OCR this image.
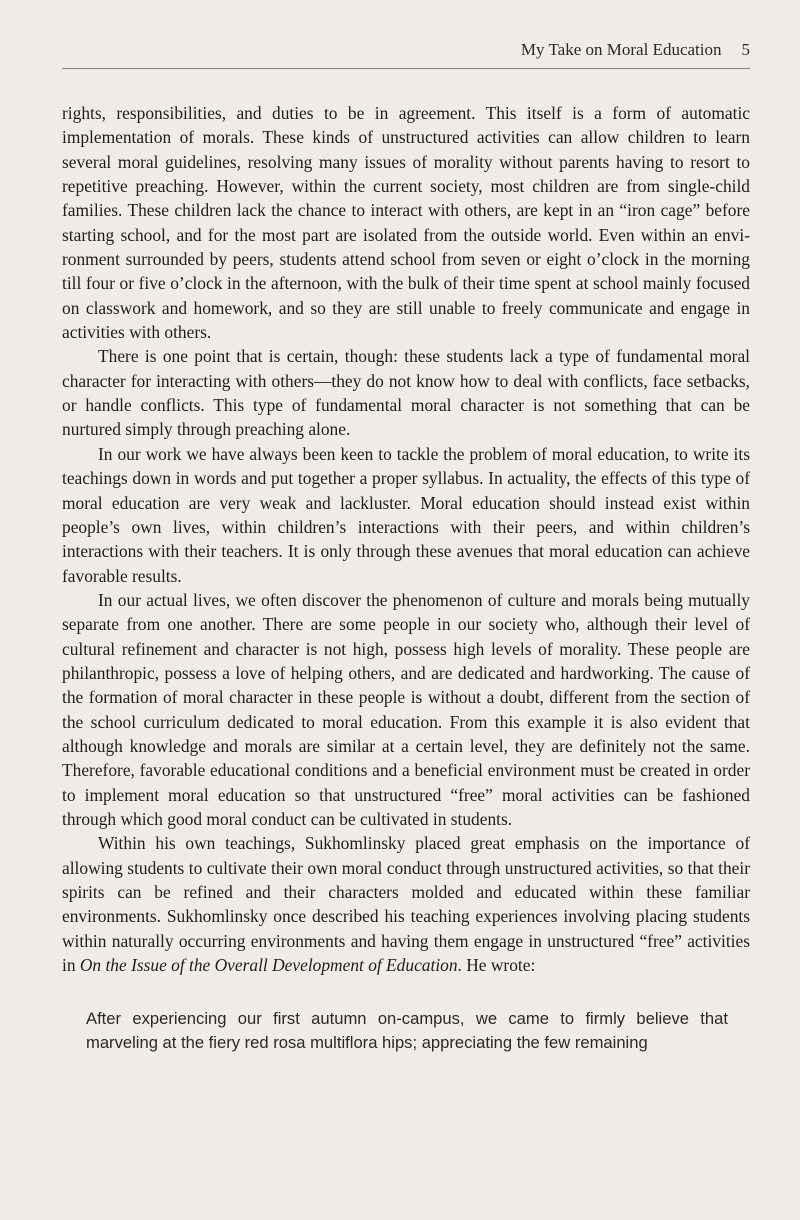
My Take on Moral Education 5

rights, responsibilities, and duties to be in agreement. This itself is a form of automatic implementation of morals. These kinds of unstructured activities can allow children to learn several moral guidelines, resolving many issues of morality without parents having to resort to repetitive preaching. However, within the current society, most children are from single-child families. These children lack the chance to interact with others, are kept in an “iron cage” before starting school, and for the most part are isolated from the outside world. Even within an environment surrounded by peers, students attend school from seven or eight o’clock in the morning till four or five o’clock in the afternoon, with the bulk of their time spent at school mainly focused on classwork and homework, and so they are still unable to freely communicate and engage in activities with others.

There is one point that is certain, though: these students lack a type of fundamental moral character for interacting with others—they do not know how to deal with conflicts, face setbacks, or handle conflicts. This type of fundamental moral character is not something that can be nurtured simply through preaching alone.

In our work we have always been keen to tackle the problem of moral education, to write its teachings down in words and put together a proper syllabus. In actuality, the effects of this type of moral education are very weak and lackluster. Moral education should instead exist within people’s own lives, within children’s interactions with their peers, and within children’s interactions with their teachers. It is only through these avenues that moral education can achieve favorable results.

In our actual lives, we often discover the phenomenon of culture and morals being mutually separate from one another. There are some people in our society who, although their level of cultural refinement and character is not high, possess high levels of morality. These people are philanthropic, possess a love of helping others, and are dedicated and hardworking. The cause of the formation of moral character in these people is without a doubt, different from the section of the school curriculum dedicated to moral education. From this example it is also evident that although knowledge and morals are similar at a certain level, they are definitely not the same. Therefore, favorable educational conditions and a beneficial environment must be created in order to implement moral education so that unstructured “free” moral activities can be fashioned through which good moral conduct can be cultivated in students.

Within his own teachings, Sukhomlinsky placed great emphasis on the importance of allowing students to cultivate their own moral conduct through unstructured activities, so that their spirits can be refined and their characters molded and educated within these familiar environments. Sukhomlinsky once described his teaching experiences involving placing students within naturally occurring environments and having them engage in unstructured “free” activities in On the Issue of the Overall Development of Education. He wrote:

After experiencing our first autumn on-campus, we came to firmly believe that marveling at the fiery red rosa multiflora hips; appreciating the few remaining
